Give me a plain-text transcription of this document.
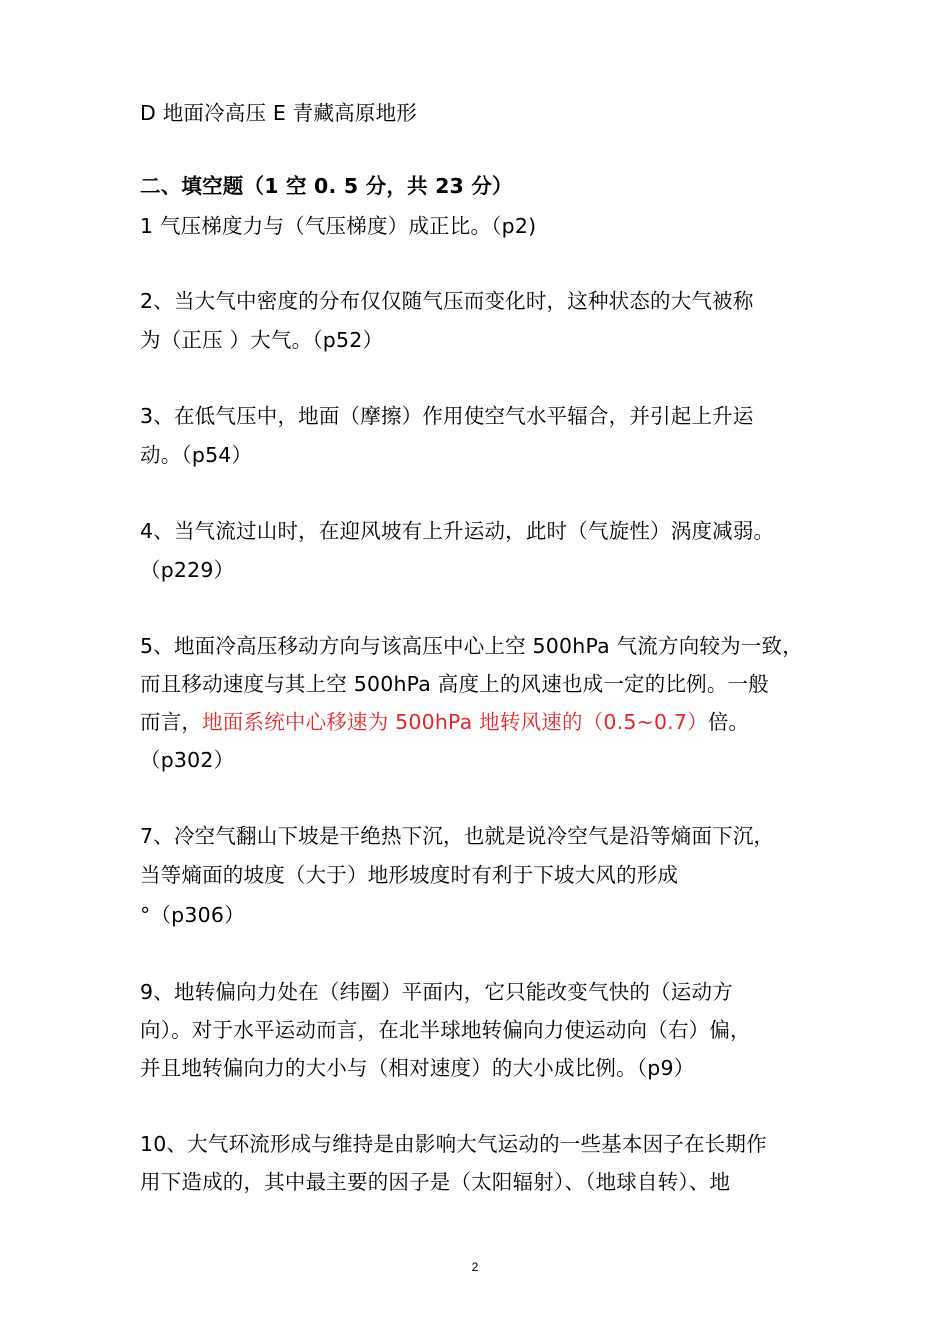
D 地面冷高压 E 青藏高原地形
二、填空题（1 空 0. 5 分，共 23 分）
1 气压梯度力与（气压梯度）成正比。（p2)
2、当大气中密度的分布仅仅随气压而变化时，这种状态的大气被称
为（正压 ）大气。（p52）
3、在低气压中，地面（摩擦）作用使空气水平辐合，并引起上升运
动。（p54）
4、当气流过山时，在迎风坡有上升运动，此时（气旋性）涡度减弱。
（p229）
5、地面冷高压移动方向与该高压中心上空 500hPa 气流方向较为一致，
而且移动速度与其上空 500hPa 高度上的风速也成一定的比例。一般
而言，地面系统中心移速为 500hPa 地转风速的（0.5~0.7）倍。
（p302）
7、冷空气翻山下坡是干绝热下沉，也就是说冷空气是沿等熵面下沉，
当等熵面的坡度（大于）地形坡度时有利于下坡大风的形成
°（p306）
9、地转偏向力处在（纬圈）平面内，它只能改变气快的（运动方
向）。对于水平运动而言，在北半球地转偏向力使运动向（右）偏，
并且地转偏向力的大小与（相对速度）的大小成比例。（p9）
10、大气环流形成与维持是由影响大气运动的一些基本因子在长期作
用下造成的，其中最主要的因子是（太阳辐射）、（地球自转）、地
2
